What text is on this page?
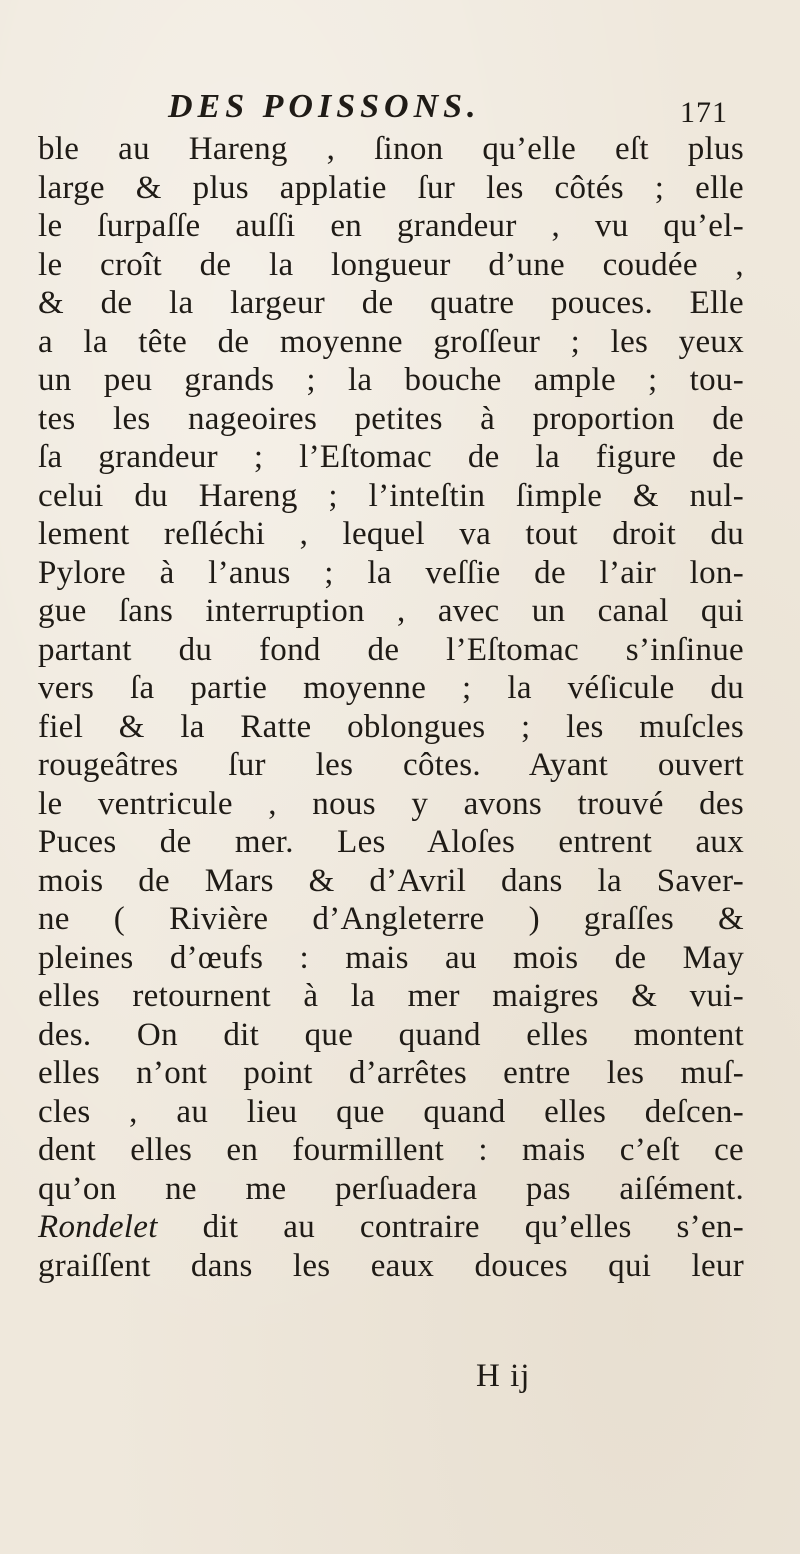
DES POISSONS.	171
ble au Hareng , ſinon qu’elle eſt plus
large & plus applatie ſur les côtés ; elle
le ſurpaſſe auſſi en grandeur , vu qu’el-
le croît de la longueur d’une coudée ,
& de la largeur de quatre pouces. Elle
a la tête de moyenne groſſeur ; les yeux
un peu grands ; la bouche ample ; tou-
tes les nageoires petites à proportion de
ſa grandeur ; l’Eſtomac de la figure de
celui du Hareng ; l’inteſtin ſimple & nul-
lement reſléchi , lequel va tout droit du
Pylore à l’anus ; la veſſie de l’air lon-
gue ſans interruption , avec un canal qui
partant du fond de l’Eſtomac s’inſinue
vers ſa partie moyenne ; la véſicule du
fiel & la Ratte oblongues ; les muſcles
rougeâtres ſur les côtes. Ayant ouvert
le ventricule , nous y avons trouvé des
Puces de mer. Les Aloſes entrent aux
mois de Mars & d’Avril dans la Saver-
ne ( Rivière d’Angleterre ) graſſes &
pleines d’œufs : mais au mois de May
elles retournent à la mer maigres & vui-
des. On dit que quand elles montent
elles n’ont point d’arrêtes entre les muſ-
cles , au lieu que quand elles deſcen-
dent elles en fourmillent : mais c’eſt ce
qu’on ne me perſuadera pas aiſément.
Rondelet dit au contraire qu’elles s’en-
graiſſent dans les eaux douces qui leur
H ij
